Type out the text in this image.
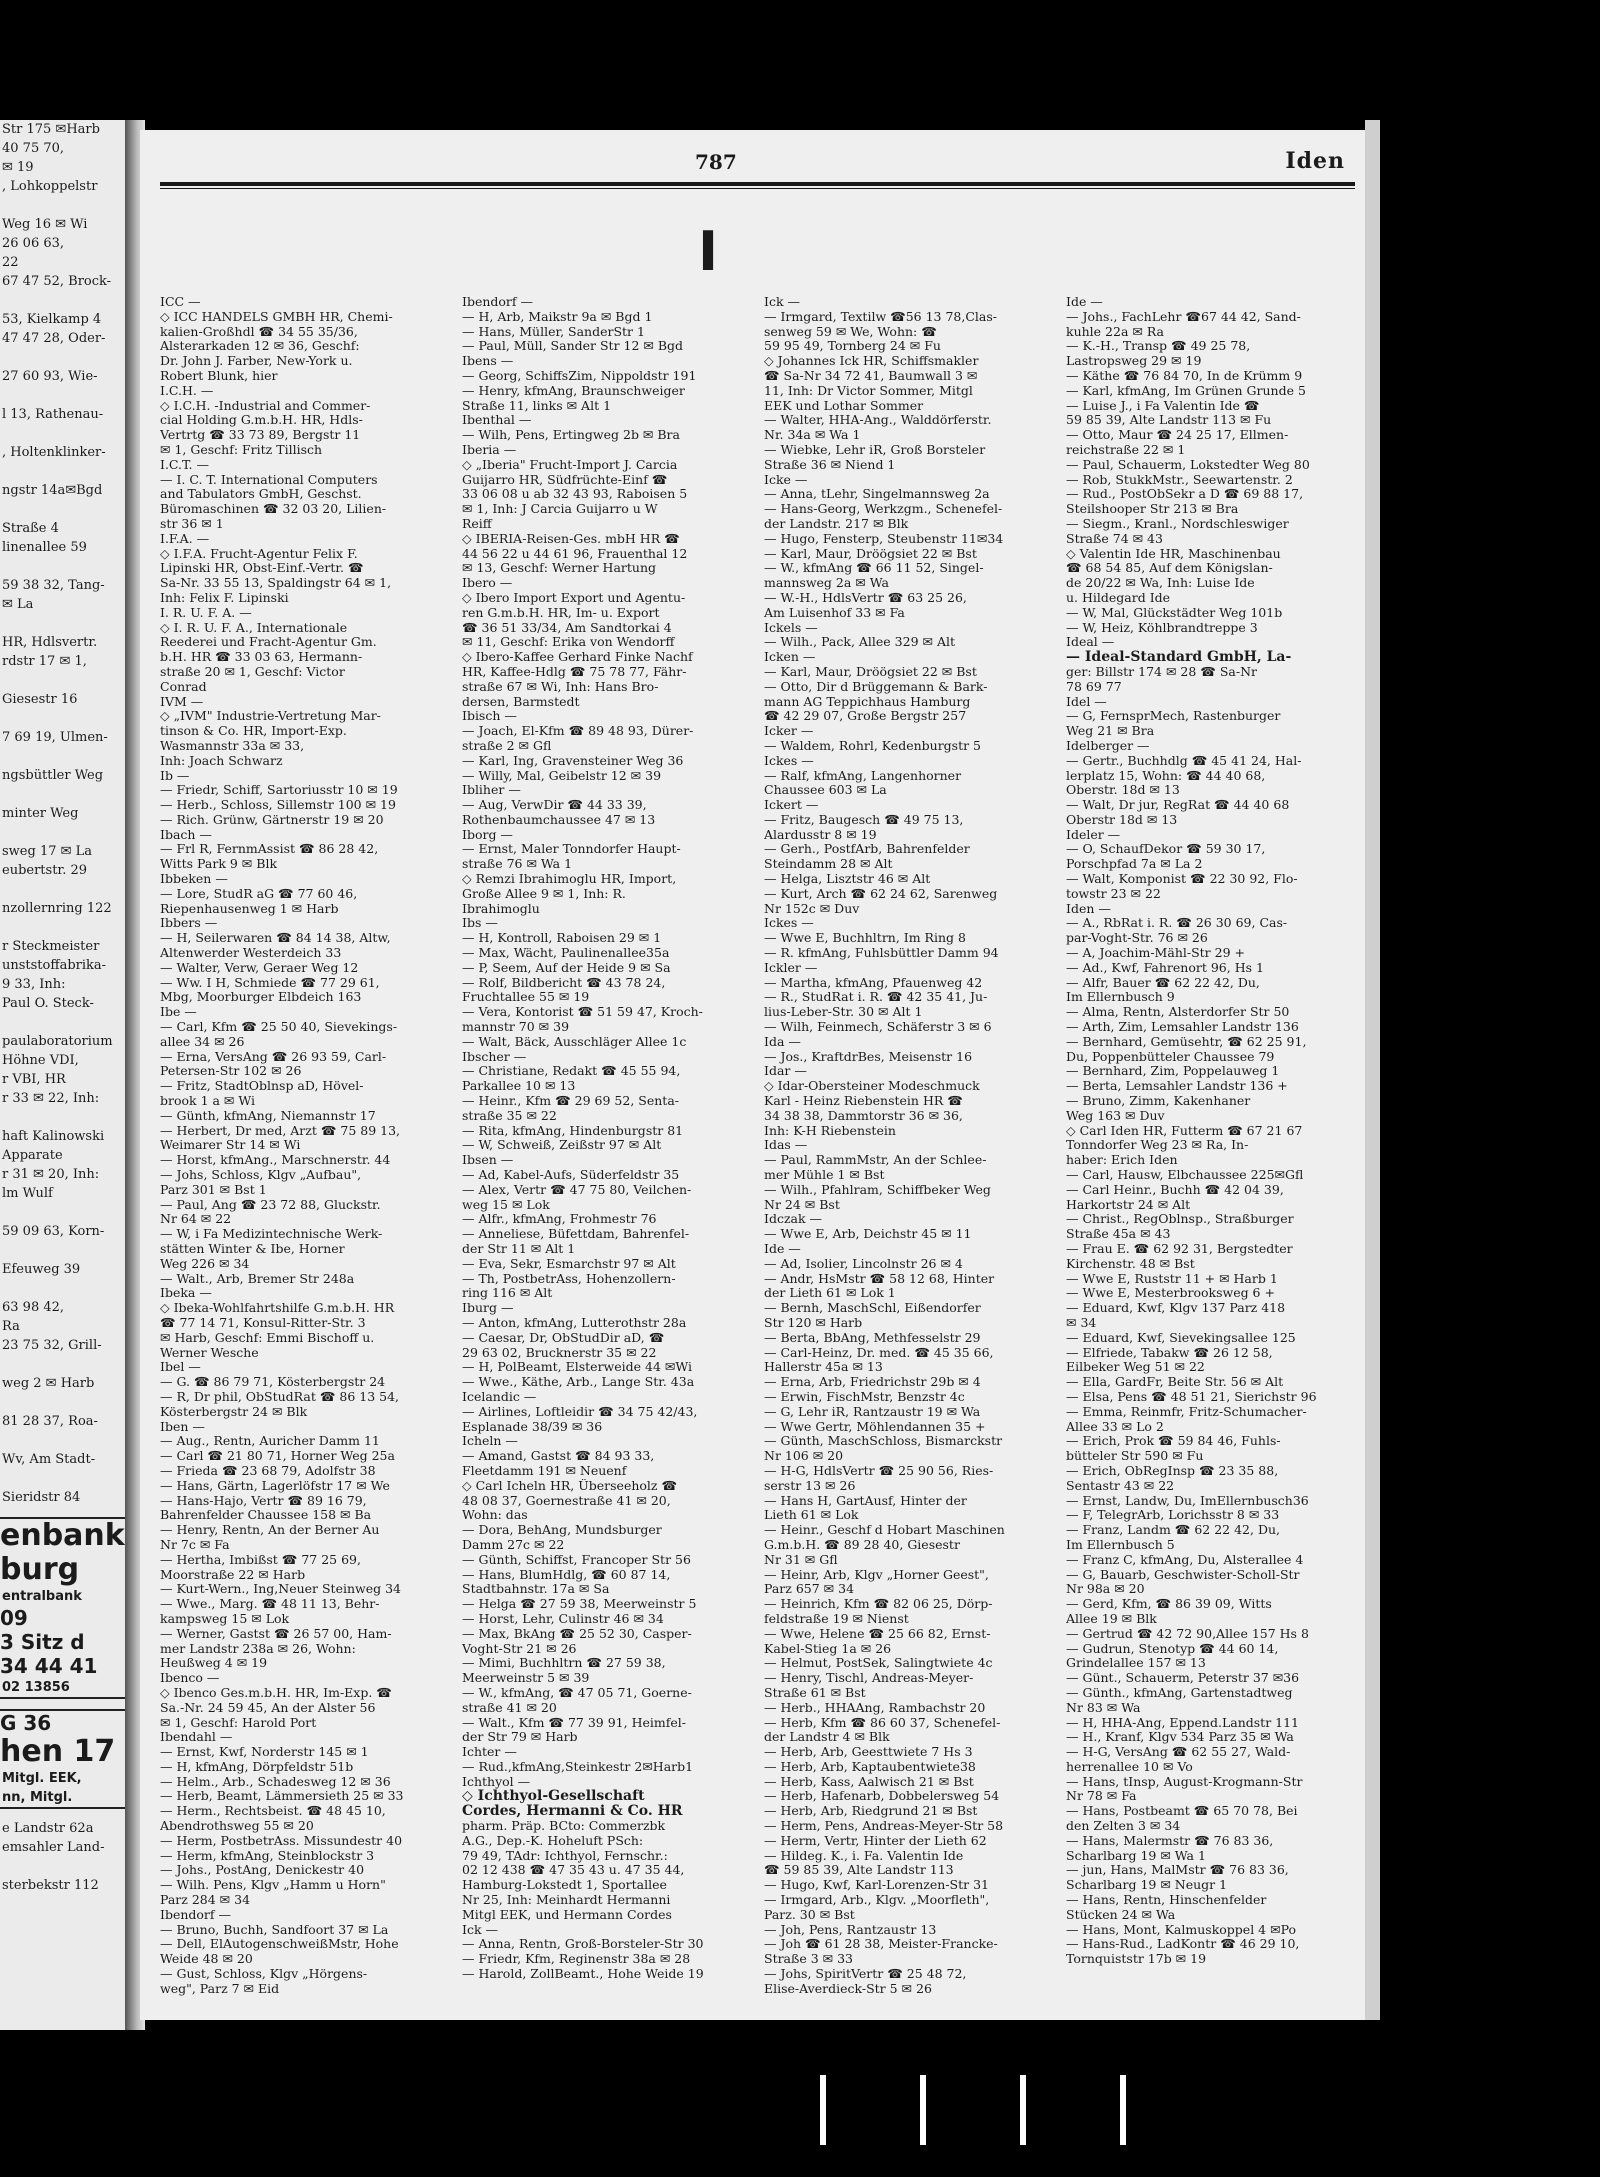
Str 175 ✉Harb
40 75 70,
✉ 19
, Lohkoppelstr

Weg 16 ✉ Wi
26 06 63,
22
67 47 52, Brock-

53, Kielkamp 4
47 47 28, Oder-

27 60 93, Wie-

l 13, Rathenau-

, Holtenklinker-

ngstr 14a✉Bgd

Straße 4
linenallee 59

59 38 32, Tang-
✉ La

HR, Hdlsvertr.
rdstr 17 ✉ 1,

Giesestr 16

7 69 19, Ulmen-

ngsbüttler Weg

minter Weg

sweg 17 ✉ La
eubertstr. 29

nzollernring 122

r Steckmeister
unststoffabrika-
9 33, Inh:
Paul O. Steck-

paulaboratorium
Höhne VDI,
r VBI, HR
r 33 ✉ 22, Inh:

haft Kalinowski
Apparate
r 31 ✉ 20, Inh:
lm Wulf

59 09 63, Korn-

Efeuweg 39

63 98 42,
Ra
23 75 32, Grill-

weg 2 ✉ Harb

81 28 37, Roa-

Wv, Am Stadt-

Sieridstr 84
enbank
burg
entralbank
09
3 Sitz d
34 44 41
02 13856
G 36
hen 17
Mitgl. EEK,
nn, Mitgl.
e Landstr 62a
emsahler Land-

sterbekstr 112
787	Iden
I
ICC —
◇ ICC HANDELS GMBH HR, Chemi-
kalien-Großhdl ☎ 34 55 35/36,
Alsterarkaden 12 ✉ 36, Geschf:
Dr. John J. Farber, New-York u.
Robert Blunk, hier
I.C.H. —
◇ I.C.H. -Industrial and Commer-
cial Holding G.m.b.H. HR, Hdls-
Vertrtg ☎ 33 73 89, Bergstr 11
✉ 1, Geschf: Fritz Tillisch
I.C.T. —
— I. C. T. International Computers
and Tabulators GmbH, Geschst.
Büromaschinen ☎ 32 03 20, Lilien-
str 36 ✉ 1
I.F.A. —
◇ I.F.A. Frucht-Agentur Felix F.
Lipinski HR, Obst-Einf.-Vertr. ☎
Sa-Nr. 33 55 13, Spaldingstr 64 ✉ 1,
Inh: Felix F. Lipinski
I. R. U. F. A. —
◇ I. R. U. F. A., Internationale
Reederei und Fracht-Agentur Gm.
b.H. HR ☎ 33 03 63, Hermann-
straße 20 ✉ 1, Geschf: Victor
Conrad
IVM —
◇ „IVM" Industrie-Vertretung Mar-
tinson & Co. HR, Import-Exp.
Wasmannstr 33a ✉ 33,
Inh: Joach Schwarz
Ib —
— Friedr, Schiff, Sartoriusstr 10 ✉ 19
— Herb., Schloss, Sillemstr 100 ✉ 19
— Rich. Grünw, Gärtnerstr 19 ✉ 20
Ibach —
— Frl R, FernmAssist ☎ 86 28 42,
Witts Park 9 ✉ Blk
Ibbeken —
— Lore, StudR aG ☎ 77 60 46,
Riepenhausenweg 1 ✉ Harb
Ibbers —
— H, Seilerwaren ☎ 84 14 38, Altw,
Altenwerder Westerdeich 33
— Walter, Verw, Geraer Weg 12
— Ww. I H, Schmiede ☎ 77 29 61,
Mbg, Moorburger Elbdeich 163
Ibe —
— Carl, Kfm ☎ 25 50 40, Sievekings-
allee 34 ✉ 26
— Erna, VersAng ☎ 26 93 59, Carl-
Petersen-Str 102 ✉ 26
— Fritz, StadtOblnsp aD, Hövel-
brook 1 a ✉ Wi
— Günth, kfmAng, Niemannstr 17
— Herbert, Dr med, Arzt ☎ 75 89 13,
Weimarer Str 14 ✉ Wi
— Horst, kfmAng., Marschnerstr. 44
— Johs, Schloss, Klgv „Aufbau",
Parz 301 ✉ Bst 1
— Paul, Ang ☎ 23 72 88, Gluckstr.
Nr 64 ✉ 22
— W, i Fa Medizintechnische Werk-
stätten Winter & Ibe, Horner
Weg 226 ✉ 34
— Walt., Arb, Bremer Str 248a
Ibeka —
◇ Ibeka-Wohlfahrtshilfe G.m.b.H. HR
☎ 77 14 71, Konsul-Ritter-Str. 3
✉ Harb, Geschf: Emmi Bischoff u.
Werner Wesche
Ibel —
— G. ☎ 86 79 71, Kösterbergstr 24
— R, Dr phil, ObStudRat ☎ 86 13 54,
Kösterbergstr 24 ✉ Blk
Iben —
— Aug., Rentn, Auricher Damm 11
— Carl ☎ 21 80 71, Horner Weg 25a
— Frieda ☎ 23 68 79, Adolfstr 38
— Hans, Gärtn, Lagerlöfstr 17 ✉ We
— Hans-Hajo, Vertr ☎ 89 16 79,
Bahrenfelder Chaussee 158 ✉ Ba
— Henry, Rentn, An der Berner Au
Nr 7c ✉ Fa
— Hertha, Imbißst ☎ 77 25 69,
Moorstraße 22 ✉ Harb
— Kurt-Wern., Ing,Neuer Steinweg 34
— Wwe., Marg. ☎ 48 11 13, Behr-
kampsweg 15 ✉ Lok
— Werner, Gastst ☎ 26 57 00, Ham-
mer Landstr 238a ✉ 26, Wohn:
Heußweg 4 ✉ 19
Ibenco —
◇ Ibenco Ges.m.b.H. HR, Im-Exp. ☎
Sa.-Nr. 24 59 45, An der Alster 56
✉ 1, Geschf: Harold Port
Ibendahl —
— Ernst, Kwf, Norderstr 145 ✉ 1
— H, kfmAng, Dörpfeldstr 51b
— Helm., Arb., Schadesweg 12 ✉ 36
— Herb, Beamt, Lämmersieth 25 ✉ 33
— Herm., Rechtsbeist. ☎ 48 45 10,
Abendrothsweg 55 ✉ 20
— Herm, PostbetrAss. Missundestr 40
— Herm, kfmAng, Steinblockstr 3
— Johs., PostAng, Denickestr 40
— Wilh. Pens, Klgv „Hamm u Horn"
Parz 284 ✉ 34
Ibendorf —
— Bruno, Buchh, Sandfoort 37 ✉ La
— Dell, ElAutogenschweißMstr, Hohe
Weide 48 ✉ 20
— Gust, Schloss, Klgv „Hörgens-
weg", Parz 7 ✉ Eid
Ibendorf —
— H, Arb, Maikstr 9a ✉ Bgd 1
— Hans, Müller, SanderStr 1
— Paul, Müll, Sander Str 12 ✉ Bgd
Ibens —
— Georg, SchiffsZim, Nippoldstr 191
— Henry, kfmAng, Braunschweiger
Straße 11, links ✉ Alt 1
Ibenthal —
— Wilh, Pens, Ertingweg 2b ✉ Bra
Iberia —
◇ „Iberia" Frucht-Import J. Carcia
Guijarro HR, Südfrüchte-Einf ☎
33 06 08 u ab 32 43 93, Raboisen 5
✉ 1, Inh: J Carcia Guijarro u W
Reiff
◇ IBERIA-Reisen-Ges. mbH HR ☎
44 56 22 u 44 61 96, Frauenthal 12
✉ 13, Geschf: Werner Hartung
Ibero —
◇ Ibero Import Export und Agentu-
ren G.m.b.H. HR, Im- u. Export
☎ 36 51 33/34, Am Sandtorkai 4
✉ 11, Geschf: Erika von Wendorff
◇ Ibero-Kaffee Gerhard Finke Nachf
HR, Kaffee-Hdlg ☎ 75 78 77, Fähr-
straße 67 ✉ Wi, Inh: Hans Bro-
dersen, Barmstedt
Ibisch —
— Joach, El-Kfm ☎ 89 48 93, Dürer-
straße 2 ✉ Gfl
— Karl, Ing, Gravensteiner Weg 36
— Willy, Mal, Geibelstr 12 ✉ 39
Ibliher —
— Aug, VerwDir ☎ 44 33 39,
Rothenbaumchaussee 47 ✉ 13
Iborg —
— Ernst, Maler Tonndorfer Haupt-
straße 76 ✉ Wa 1
◇ Remzi Ibrahimoglu HR, Import,
Große Allee 9 ✉ 1, Inh: R.
Ibrahimoglu
Ibs —
— H, Kontroll, Raboisen 29 ✉ 1
— Max, Wächt, Paulinenallee35a
— P, Seem, Auf der Heide 9 ✉ Sa
— Rolf, Bildbericht ☎ 43 78 24,
Fruchtallee 55 ✉ 19
— Vera, Kontorist ☎ 51 59 47, Kroch-
mannstr 70 ✉ 39
— Walt, Bäck, Ausschläger Allee 1c
Ibscher —
— Christiane, Redakt ☎ 45 55 94,
Parkallee 10 ✉ 13
— Heinr., Kfm ☎ 29 69 52, Senta-
straße 35 ✉ 22
— Rita, kfmAng, Hindenburgstr 81
— W, Schweiß, Zeißstr 97 ✉ Alt
Ibsen —
— Ad, Kabel-Aufs, Süderfeldstr 35
— Alex, Vertr ☎ 47 75 80, Veilchen-
weg 15 ✉ Lok
— Alfr., kfmAng, Frohmestr 76
— Anneliese, Büfettdam, Bahrenfel-
der Str 11 ✉ Alt 1
— Eva, Sekr, Esmarchstr 97 ✉ Alt
— Th, PostbetrAss, Hohenzollern-
ring 116 ✉ Alt
Iburg —
— Anton, kfmAng, Lutterothstr 28a
— Caesar, Dr, ObStudDir aD, ☎
29 63 02, Brucknerstr 35 ✉ 22
— H, PolBeamt, Elsterweide 44 ✉Wi
— Wwe., Käthe, Arb., Lange Str. 43a
Icelandic —
— Airlines, Loftleidir ☎ 34 75 42/43,
Esplanade 38/39 ✉ 36
Icheln —
— Amand, Gastst ☎ 84 93 33,
Fleetdamm 191 ✉ Neuenf
◇ Carl Icheln HR, Überseeholz ☎
48 08 37, Goernestraße 41 ✉ 20,
Wohn: das
— Dora, BehAng, Mundsburger
Damm 27c ✉ 22
— Günth, Schiffst, Francoper Str 56
— Hans, BlumHdlg, ☎ 60 87 14,
Stadtbahnstr. 17a ✉ Sa
— Helga ☎ 27 59 38, Meerweinstr 5
— Horst, Lehr, Culinstr 46 ✉ 34
— Max, BkAng ☎ 25 52 30, Casper-
Voght-Str 21 ✉ 26
— Mimi, Buchhltrn ☎ 27 59 38,
Meerweinstr 5 ✉ 39
— W., kfmAng, ☎ 47 05 71, Goerne-
straße 41 ✉ 20
— Walt., Kfm ☎ 77 39 91, Heimfel-
der Str 79 ✉ Harb
Ichter —
— Rud.,kfmAng,Steinkestr 2✉Harb1
Ichthyol —
◇ Ichthyol-Gesellschaft
Cordes, Hermanni & Co. HR
pharm. Präp. BCto: Commerzbk
A.G., Dep.-K. Hoheluft PSch:
79 49, TAdr: Ichthyol, Fernschr.:
02 12 438 ☎ 47 35 43 u. 47 35 44,
Hamburg-Lokstedt 1, Sportallee
Nr 25, Inh: Meinhardt Hermanni
Mitgl EEK, und Hermann Cordes
Ick —
— Anna, Rentn, Groß-Borsteler-Str 30
— Friedr, Kfm, Reginenstr 38a ✉ 28
— Harold, ZollBeamt., Hohe Weide 19
Ick —
— Irmgard, Textilw ☎56 13 78,Clas-
senweg 59 ✉ We, Wohn: ☎
59 95 49, Tornberg 24 ✉ Fu
◇ Johannes Ick HR, Schiffsmakler
☎ Sa-Nr 34 72 41, Baumwall 3 ✉
11, Inh: Dr Victor Sommer, Mitgl
EEK und Lothar Sommer
— Walter, HHA-Ang., Walddörferstr.
Nr. 34a ✉ Wa 1
— Wiebke, Lehr iR, Groß Borsteler
Straße 36 ✉ Niend 1
Icke —
— Anna, tLehr, Singelmannsweg 2a
— Hans-Georg, Werkzgm., Schenefel-
der Landstr. 217 ✉ Blk
— Hugo, Fensterp, Steubenstr 11✉34
— Karl, Maur, Dröögsiet 22 ✉ Bst
— W., kfmAng ☎ 66 11 52, Singel-
mannsweg 2a ✉ Wa
— W.-H., HdlsVertr ☎ 63 25 26,
Am Luisenhof 33 ✉ Fa
Ickels —
— Wilh., Pack, Allee 329 ✉ Alt
Icken —
— Karl, Maur, Dröögsiet 22 ✉ Bst
— Otto, Dir d Brüggemann & Bark-
mann AG Teppichhaus Hamburg
☎ 42 29 07, Große Bergstr 257
Icker —
— Waldem, Rohrl, Kedenburgstr 5
Ickes —
— Ralf, kfmAng, Langenhorner
Chaussee 603 ✉ La
Ickert —
— Fritz, Baugesch ☎ 49 75 13,
Alardusstr 8 ✉ 19
— Gerh., PostfArb, Bahrenfelder
Steindamm 28 ✉ Alt
— Helga, Lisztstr 46 ✉ Alt
— Kurt, Arch ☎ 62 24 62, Sarenweg
Nr 152c ✉ Duv
Ickes —
— Wwe E, Buchhltrn, Im Ring 8
— R. kfmAng, Fuhlsbüttler Damm 94
Ickler —
— Martha, kfmAng, Pfauenweg 42
— R., StudRat i. R. ☎ 42 35 41, Ju-
lius-Leber-Str. 30 ✉ Alt 1
— Wilh, Feinmech, Schäferstr 3 ✉ 6
Ida —
— Jos., KraftdrBes, Meisenstr 16
Idar —
◇ Idar-Obersteiner Modeschmuck
Karl - Heinz Riebenstein HR ☎
34 38 38, Dammtorstr 36 ✉ 36,
Inh: K-H Riebenstein
Idas —
— Paul, RammMstr, An der Schlee-
mer Mühle 1 ✉ Bst
— Wilh., Pfahlram, Schiffbeker Weg
Nr 24 ✉ Bst
Idczak —
— Wwe E, Arb, Deichstr 45 ✉ 11
Ide —
— Ad, Isolier, Lincolnstr 26 ✉ 4
— Andr, HsMstr ☎ 58 12 68, Hinter
der Lieth 61 ✉ Lok 1
— Bernh, MaschSchl, Eißendorfer
Str 120 ✉ Harb
— Berta, BbAng, Methfesselstr 29
— Carl-Heinz, Dr. med. ☎ 45 35 66,
Hallerstr 45a ✉ 13
— Erna, Arb, Friedrichstr 29b ✉ 4
— Erwin, FischMstr, Benzstr 4c
— G, Lehr iR, Rantzaustr 19 ✉ Wa
— Wwe Gertr, Möhlendannen 35 +
— Günth, MaschSchloss, Bismarckstr
Nr 106 ✉ 20
— H-G, HdlsVertr ☎ 25 90 56, Ries-
serstr 13 ✉ 26
— Hans H, GartAusf, Hinter der
Lieth 61 ✉ Lok
— Heinr., Geschf d Hobart Maschinen
G.m.b.H. ☎ 89 28 40, Giesestr
Nr 31 ✉ Gfl
— Heinr, Arb, Klgv „Horner Geest",
Parz 657 ✉ 34
— Heinrich, Kfm ☎ 82 06 25, Dörp-
feldstraße 19 ✉ Nienst
— Wwe, Helene ☎ 25 66 82, Ernst-
Kabel-Stieg 1a ✉ 26
— Helmut, PostSek, Salingtwiete 4c
— Henry, Tischl, Andreas-Meyer-
Straße 61 ✉ Bst
— Herb., HHAAng, Rambachstr 20
— Herb, Kfm ☎ 86 60 37, Schenefel-
der Landstr 4 ✉ Blk
— Herb, Arb, Geesttwiete 7 Hs 3
— Herb, Arb, Kaptaubentwiete38
— Herb, Kass, Aalwisch 21 ✉ Bst
— Herb, Hafenarb, Dobbelersweg 54
— Herb, Arb, Riedgrund 21 ✉ Bst
— Herm, Pens, Andreas-Meyer-Str 58
— Herm, Vertr, Hinter der Lieth 62
— Hildeg. K., i. Fa. Valentin Ide
☎ 59 85 39, Alte Landstr 113
— Hugo, Kwf, Karl-Lorenzen-Str 31
— Irmgard, Arb., Klgv. „Moorfleth",
Parz. 30 ✉ Bst
— Joh, Pens, Rantzaustr 13
— Joh ☎ 61 28 38, Meister-Francke-
Straße 3 ✉ 33
— Johs, SpiritVertr ☎ 25 48 72,
Elise-Averdieck-Str 5 ✉ 26
Ide —
— Johs., FachLehr ☎67 44 42, Sand-
kuhle 22a ✉ Ra
— K.-H., Transp ☎ 49 25 78,
Lastropsweg 29 ✉ 19
— Käthe ☎ 76 84 70, In de Krümm 9
— Karl, kfmAng, Im Grünen Grunde 5
— Luise J., i Fa Valentin Ide ☎
59 85 39, Alte Landstr 113 ✉ Fu
— Otto, Maur ☎ 24 25 17, Ellmen-
reichstraße 22 ✉ 1
— Paul, Schauerm, Lokstedter Weg 80
— Rob, StukkMstr., Seewartenstr. 2
— Rud., PostObSekr a D ☎ 69 88 17,
Steilshooper Str 213 ✉ Bra
— Siegm., Kranl., Nordschleswiger
Straße 74 ✉ 43
◇ Valentin Ide HR, Maschinenbau
☎ 68 54 85, Auf dem Königslan-
de 20/22 ✉ Wa, Inh: Luise Ide
u. Hildegard Ide
— W, Mal, Glückstädter Weg 101b
— W, Heiz, Köhlbrandtreppe 3
Ideal —
— Ideal-Standard GmbH, La-
ger: Billstr 174 ✉ 28 ☎ Sa-Nr
78 69 77
Idel —
— G, FernsprMech, Rastenburger
Weg 21 ✉ Bra
Idelberger —
— Gertr., Buchhdlg ☎ 45 41 24, Hal-
lerplatz 15, Wohn: ☎ 44 40 68,
Oberstr. 18d ✉ 13
— Walt, Dr jur, RegRat ☎ 44 40 68
Oberstr 18d ✉ 13
Ideler —
— O, SchaufDekor ☎ 59 30 17,
Porschpfad 7a ✉ La 2
— Walt, Komponist ☎ 22 30 92, Flo-
towstr 23 ✉ 22
Iden —
— A., RbRat i. R. ☎ 26 30 69, Cas-
par-Voght-Str. 76 ✉ 26
— A, Joachim-Mähl-Str 29 +
— Ad., Kwf, Fahrenort 96, Hs 1
— Alfr, Bauer ☎ 62 22 42, Du,
Im Ellernbusch 9
— Alma, Rentn, Alsterdorfer Str 50
— Arth, Zim, Lemsahler Landstr 136
— Bernhard, Gemüsehtr, ☎ 62 25 91,
Du, Poppenbütteler Chaussee 79
— Bernhard, Zim, Poppelauweg 1
— Berta, Lemsahler Landstr 136 +
— Bruno, Zimm, Kakenhaner
Weg 163 ✉ Duv
◇ Carl Iden HR, Futterm ☎ 67 21 67
Tonndorfer Weg 23 ✉ Ra, In-
haber: Erich Iden
— Carl, Hausw, Elbchaussee 225✉Gfl
— Carl Heinr., Buchh ☎ 42 04 39,
Harkortstr 24 ✉ Alt
— Christ., RegOblnsp., Straßburger
Straße 45a ✉ 43
— Frau E. ☎ 62 92 31, Bergstedter
Kirchenstr. 48 ✉ Bst
— Wwe E, Ruststr 11 + ✉ Harb 1
— Wwe E, Mesterbrooksweg 6 +
— Eduard, Kwf, Klgv 137 Parz 418
✉ 34
— Eduard, Kwf, Sievekingsallee 125
— Elfriede, Tabakw ☎ 26 12 58,
Eilbeker Weg 51 ✉ 22
— Ella, GardFr, Beite Str. 56 ✉ Alt
— Elsa, Pens ☎ 48 51 21, Sierichstr 96
— Emma, Reinmfr, Fritz-Schumacher-
Allee 33 ✉ Lo 2
— Erich, Prok ☎ 59 84 46, Fuhls-
bütteler Str 590 ✉ Fu
— Erich, ObRegInsp ☎ 23 35 88,
Sentastr 43 ✉ 22
— Ernst, Landw, Du, ImEllernbusch36
— F, TelegrArb, Lorichsstr 8 ✉ 33
— Franz, Landm ☎ 62 22 42, Du,
Im Ellernbusch 5
— Franz C, kfmAng, Du, Alsterallee 4
— G, Bauarb, Geschwister-Scholl-Str
Nr 98a ✉ 20
— Gerd, Kfm, ☎ 86 39 09, Witts
Allee 19 ✉ Blk
— Gertrud ☎ 42 72 90,Allee 157 Hs 8
— Gudrun, Stenotyp ☎ 44 60 14,
Grindelallee 157 ✉ 13
— Günt., Schauerm, Peterstr 37 ✉36
— Günth., kfmAng, Gartenstadtweg
Nr 83 ✉ Wa
— H, HHA-Ang, Eppend.Landstr 111
— H., Kranf, Klgv 534 Parz 35 ✉ Wa
— H-G, VersAng ☎ 62 55 27, Wald-
herrenallee 10 ✉ Vo
— Hans, tInsp, August-Krogmann-Str
Nr 78 ✉ Fa
— Hans, Postbeamt ☎ 65 70 78, Bei
den Zelten 3 ✉ 34
— Hans, Malermstr ☎ 76 83 36,
Scharlbarg 19 ✉ Wa 1
— jun, Hans, MalMstr ☎ 76 83 36,
Scharlbarg 19 ✉ Neugr 1
— Hans, Rentn, Hinschenfelder
Stücken 24 ✉ Wa
— Hans, Mont, Kalmuskoppel 4 ✉Po
— Hans-Rud., LadKontr ☎ 46 29 10,
Tornquiststr 17b ✉ 19
